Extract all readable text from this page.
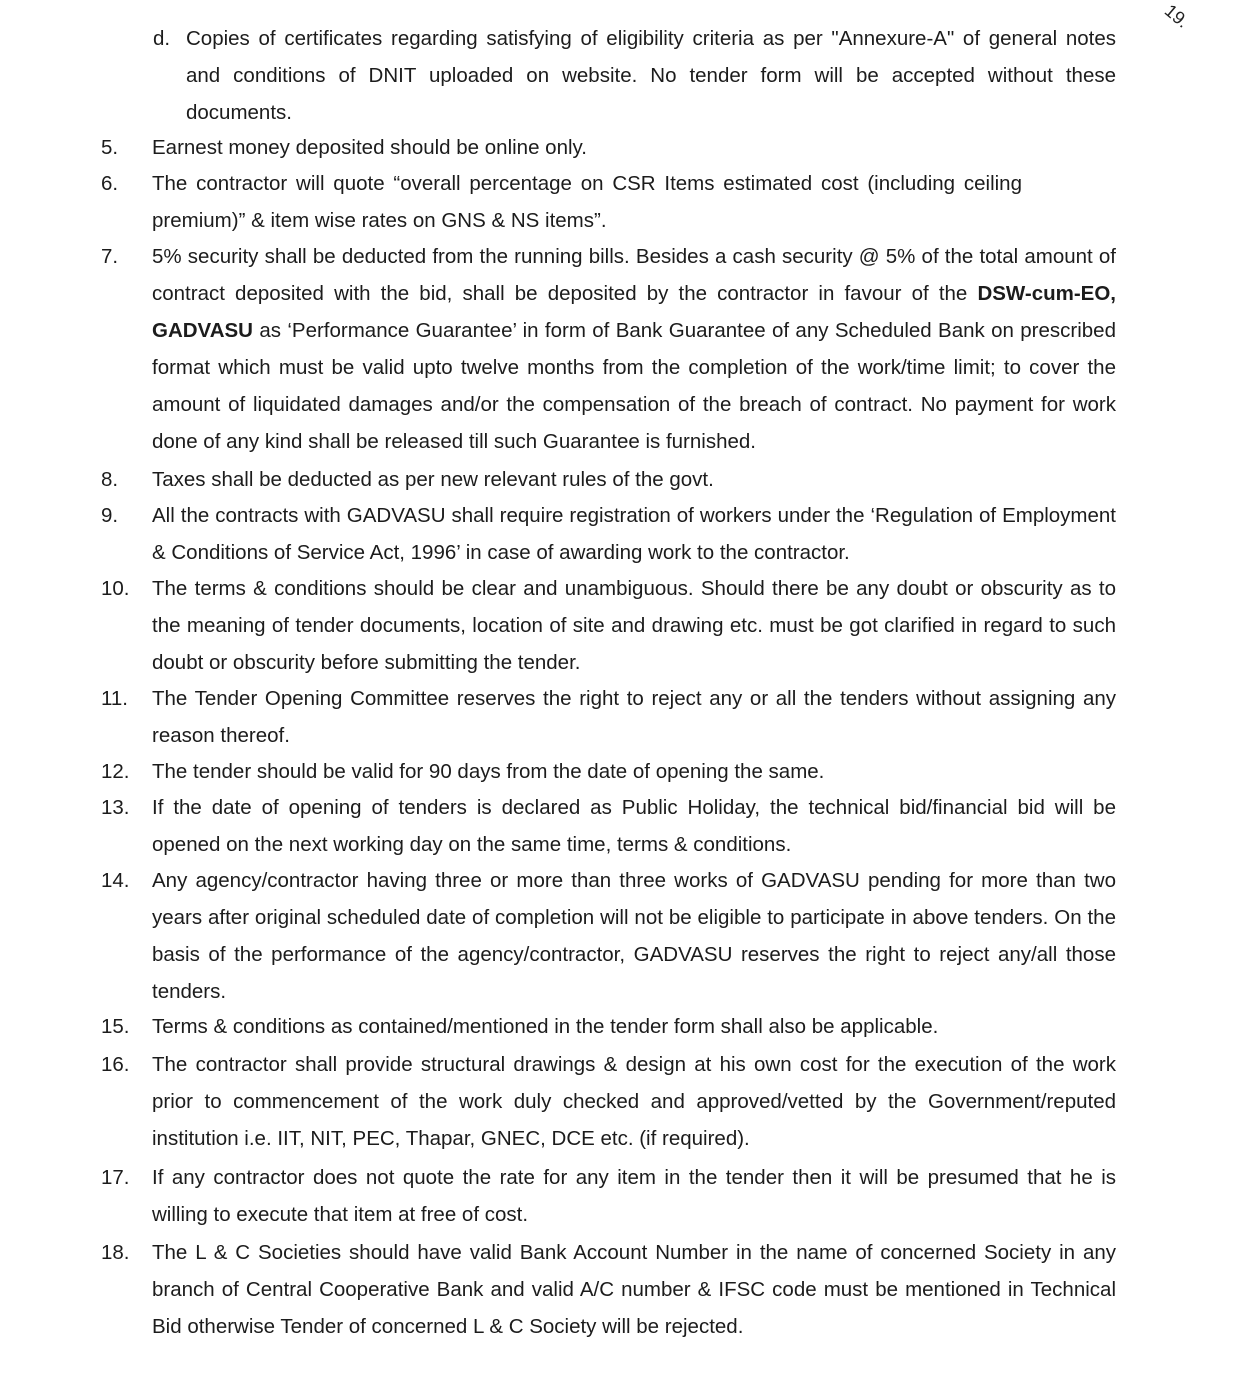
19.
d. Copies of certificates regarding satisfying of eligibility criteria as per "Annexure-A" of general notes and conditions of DNIT uploaded on website. No tender form will be accepted without these documents.
5.	Earnest money deposited should be online only.
6.	The contractor will quote “overall percentage on CSR Items estimated cost (including ceiling premium)” & item wise rates on GNS & NS items”.
7.	5% security shall be deducted from the running bills. Besides a cash security @ 5% of the total amount of contract deposited with the bid, shall be deposited by the contractor in favour of the DSW-cum-EO, GADVASU as ‘Performance Guarantee’ in form of Bank Guarantee of any Scheduled Bank on prescribed format which must be valid upto twelve months from the completion of the work/time limit; to cover the amount of liquidated damages and/or the compensation of the breach of contract. No payment for work done of any kind shall be released till such Guarantee is furnished.
8.	Taxes shall be deducted as per new relevant rules of the govt.
9.	All the contracts with GADVASU shall require registration of workers under the ‘Regulation of Employment & Conditions of Service Act, 1996’ in case of awarding work to the contractor.
10.	The terms & conditions should be clear and unambiguous. Should there be any doubt or obscurity as to the meaning of tender documents, location of site and drawing etc. must be got clarified in regard to such doubt or obscurity before submitting the tender.
11.	The Tender Opening Committee reserves the right to reject any or all the tenders without assigning any reason thereof.
12.	The tender should be valid for 90 days from the date of opening the same.
13.	If the date of opening of tenders is declared as Public Holiday, the technical bid/financial bid will be opened on the next working day on the same time, terms & conditions.
14.	Any agency/contractor having three or more than three works of GADVASU pending for more than two years after original scheduled date of completion will not be eligible to participate in above tenders. On the basis of the performance of the agency/contractor, GADVASU reserves the right to reject any/all those tenders.
15.	Terms & conditions as contained/mentioned in the tender form shall also be applicable.
16.	The contractor shall provide structural drawings & design at his own cost for the execution of the work prior to commencement of the work duly checked and approved/vetted by the Government/reputed institution i.e. IIT, NIT, PEC, Thapar, GNEC, DCE etc. (if required).
17.	If any contractor does not quote the rate for any item in the tender then it will be presumed that he is willing to execute that item at free of cost.
18.	The L & C Societies should have valid Bank Account Number in the name of concerned Society in any branch of Central Cooperative Bank and valid A/C number & IFSC code must be mentioned in Technical Bid otherwise Tender of concerned L & C Society will be rejected.
